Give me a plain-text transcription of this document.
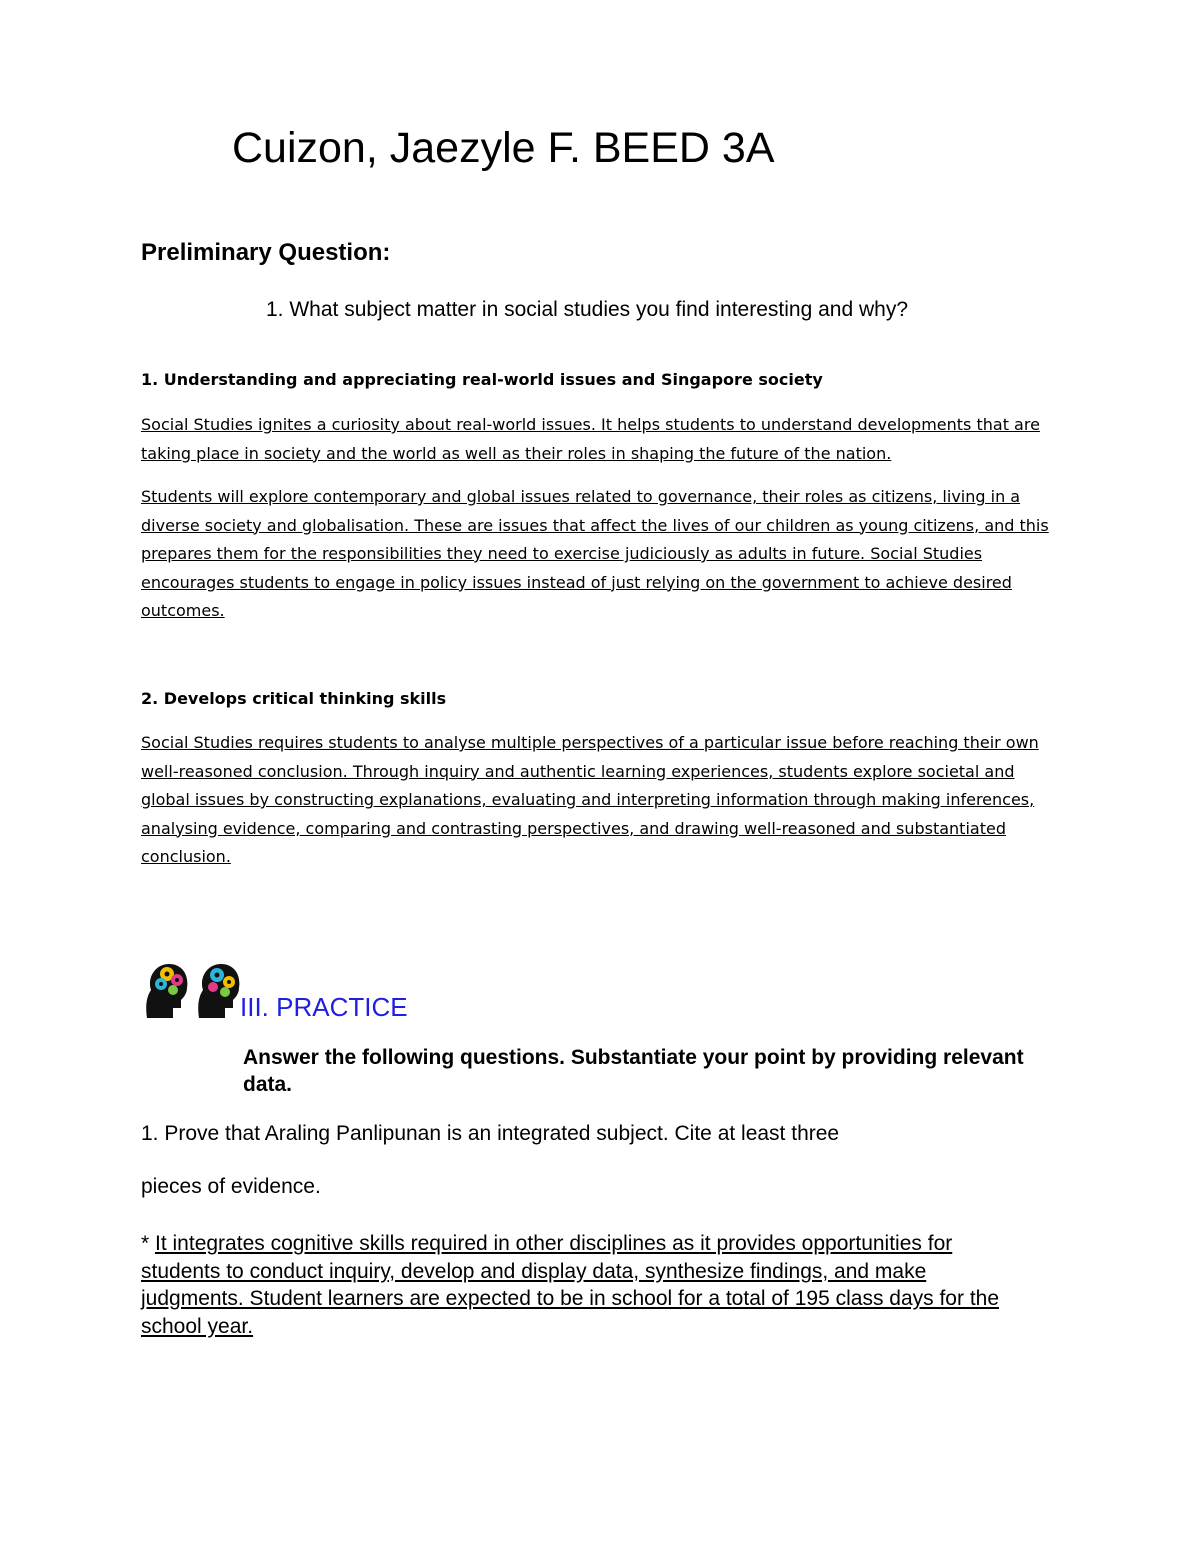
Cuizon, Jaezyle F. BEED 3A
Preliminary Question:
1. What subject matter in social studies you find interesting and why?
1. Understanding and appreciating real-world issues and Singapore society

Social Studies ignites a curiosity about real-world issues. It helps students to understand developments that are taking place in society and the world as well as their roles in shaping the future of the nation.

Students will explore contemporary and global issues related to governance, their roles as citizens, living in a diverse society and globalisation. These are issues that affect the lives of our children as young citizens, and this prepares them for the responsibilities they need to exercise judiciously as adults in future. Social Studies encourages students to engage in policy issues instead of just relying on the government to achieve desired outcomes.

2. Develops critical thinking skills

Social Studies requires students to analyse multiple perspectives of a particular issue before reaching their own well-reasoned conclusion. Through inquiry and authentic learning experiences, students explore societal and global issues by constructing explanations, evaluating and interpreting information through making inferences, analysing evidence, comparing and contrasting perspectives, and drawing well-reasoned and substantiated conclusion.

III. PRACTICE
Answer the following questions. Substantiate your point by providing relevant data.
1. Prove that Araling Panlipunan is an integrated subject. Cite at least three
pieces of evidence.
* It integrates cognitive skills required in other disciplines as it provides opportunities for students to conduct inquiry, develop and display data, synthesize findings, and make judgments. Student learners are expected to be in school for a total of 195 class days for the school year.
